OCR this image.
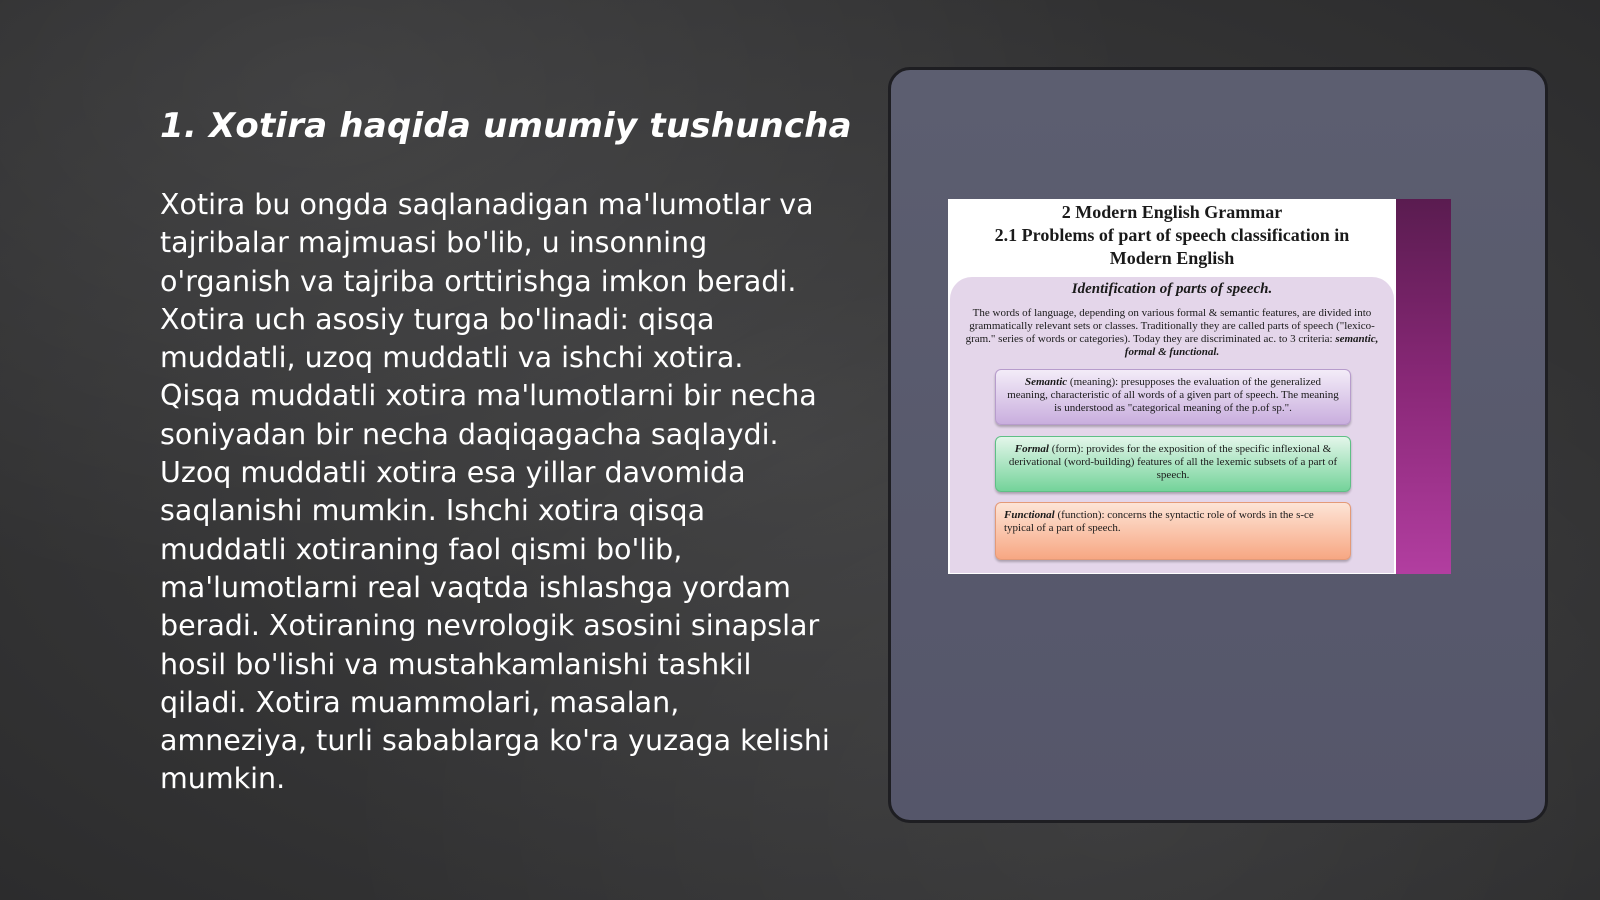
1. Xotira haqida umumiy tushuncha

Xotira bu ongda saqlanadigan ma'lumotlar va tajribalar majmuasi bo'lib, u insonning o'rganish va tajriba orttirishga imkon beradi. Xotira uch asosiy turga bo'linadi: qisqa muddatli, uzoq muddatli va ishchi xotira. Qisqa muddatli xotira ma'lumotlarni bir necha soniyadan bir necha daqiqagacha saqlaydi. Uzoq muddatli xotira esa yillar davomida saqlanishi mumkin. Ishchi xotira qisqa muddatli xotiraning faol qismi bo'lib, ma'lumotlarni real vaqtda ishlashga yordam beradi. Xotiraning nevrologik asosini sinapslar hosil bo'lishi va mustahkamlanishi tashkil qiladi. Xotira muammolari, masalan, amneziya, turli sabablarga ko'ra yuzaga kelishi mumkin.

2 Modern English Grammar
2.1 Problems of part of speech classification in
Modern English
Identification of parts of speech.
The words of language, depending on various formal & semantic features, are divided into grammatically relevant sets or classes. Traditionally they are called parts of speech ("lexico-gram." series of words or categories). Today they are discriminated ac. to 3 criteria: semantic, formal & functional.
Semantic (meaning): presupposes the evaluation of the generalized meaning, characteristic of all words of a given part of speech. The meaning is understood as "categorical meaning of the p.of sp.".
Formal (form): provides for the exposition of the specific inflexional & derivational (word-building) features of all the lexemic subsets of a part of speech.
Functional (function): concerns the syntactic role of words in the s-ce typical of a part of speech.
